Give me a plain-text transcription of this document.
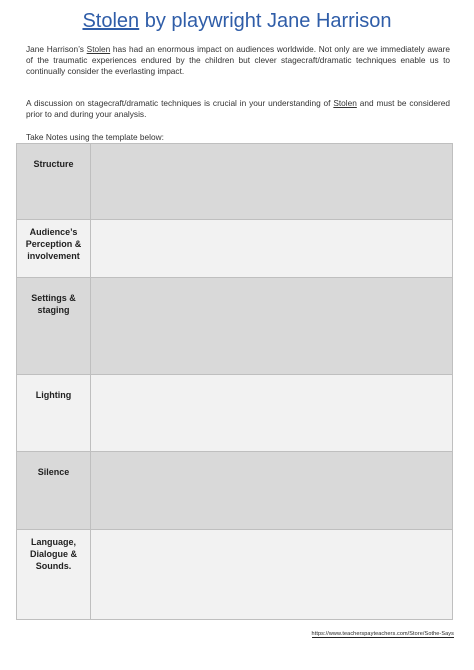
Stolen by playwright Jane Harrison
Jane Harrison’s Stolen has had an enormous impact on audiences worldwide. Not only are we immediately aware of the traumatic experiences endured by the children but clever stagecraft/dramatic techniques enable us to continually consider the everlasting impact.
A discussion on stagecraft/dramatic techniques is crucial in your understanding of Stolen and must be considered prior to and during your analysis.
Take Notes using the template below:
Structure	
Audience’s Perception & involvement	
Settings & staging	
Lighting	
Silence	
Language, Dialogue & Sounds.	
https://www.teacherspayteachers.com/Store/Sothe-Says
